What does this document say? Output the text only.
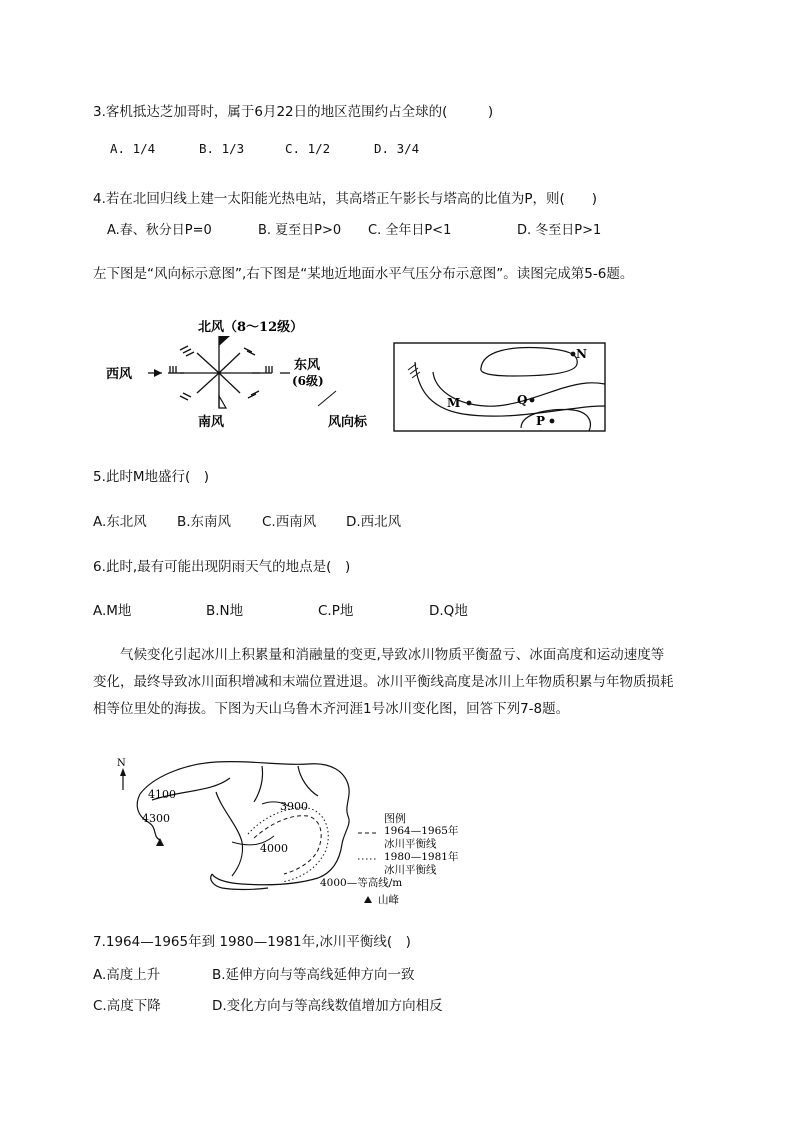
3.客机抵达芝加哥时，属于6月22日的地区范围约占全球的(　　　)
A. 1/4	B. 1/3	C. 1/2	D. 3/4
4.若在北回归线上建一太阳能光热电站，其高塔正午影长与塔高的比值为P，则(　　)
A.春、秋分日P=0	B. 夏至日P>0 C. 全年日P<1	D. 冬至日P>1
左下图是“风向标示意图”,右下图是“某地近地面水平气压分布示意图”。读图完成第5-6题。
北风（8～12级）
西风
东风
(6级)
南风	风向标
N
M	Q
P
5.此时M地盛行(　)
A.东北风 B.东南风 C.西南风 D.西北风
6.此时,最有可能出现阴雨天气的地点是(　)
A.M地	B.N地	C.P地	D.Q地

　　气候变化引起冰川上积累量和消融量的变更,导致冰川物质平衡盈亏、冰面高度和运动速度等

变化，最终导致冰川面积增减和末端位置进退。冰川平衡线高度是冰川上年物质积累与年物质损耗

相等位里处的海拔。下图为天山乌鲁木齐河涯1号冰川变化图，回答下列7-8题。

N
4100
4300
3900
4000
图例
1964—1965年
冰川平衡线
1980—1981年
冰川平衡线
4000—等高线/m
山峰
7.1964—1965年到 1980—1981年,冰川平衡线(　)
A.高度上升	B.延伸方向与等高线延伸方向一致
C.高度下降	D.变化方向与等高线数值增加方向相反
